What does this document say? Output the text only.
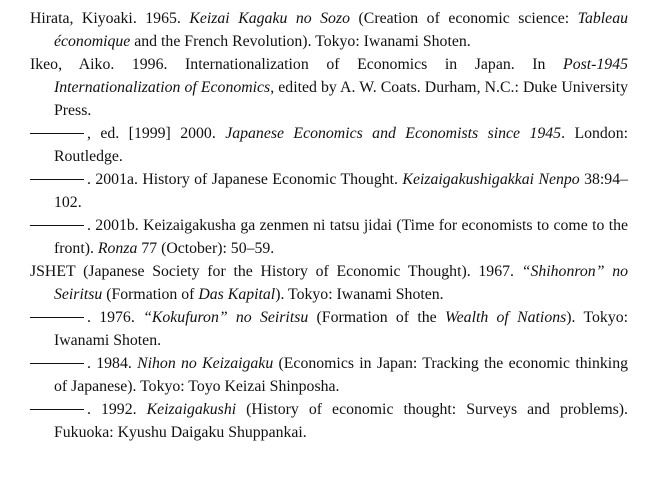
Hirata, Kiyoaki. 1965. Keizai Kagaku no Sozo (Creation of economic science: Tableau économique and the French Revolution). Tokyo: Iwanami Shoten.

Ikeo, Aiko. 1996. Internationalization of Economics in Japan. In Post-1945 Internationalization of Economics, edited by A. W. Coats. Durham, N.C.: Duke University Press.

, ed. [1999] 2000. Japanese Economics and Economists since 1945. London: Routledge.

. 2001a. History of Japanese Economic Thought. Keizaigakushigakkai Nenpo 38:94–102.

. 2001b. Keizaigakusha ga zenmen ni tatsu jidai (Time for economists to come to the front). Ronza 77 (October): 50–59.

JSHET (Japanese Society for the History of Economic Thought). 1967. “Shihonron” no Seiritsu (Formation of Das Kapital). Tokyo: Iwanami Shoten.

. 1976. “Kokufuron” no Seiritsu (Formation of the Wealth of Nations). Tokyo: Iwanami Shoten.

. 1984. Nihon no Keizaigaku (Economics in Japan: Tracking the economic thinking of Japanese). Tokyo: Toyo Keizai Shinposha.

. 1992. Keizaigakushi (History of economic thought: Surveys and problems). Fukuoka: Kyushu Daigaku Shuppankai.
